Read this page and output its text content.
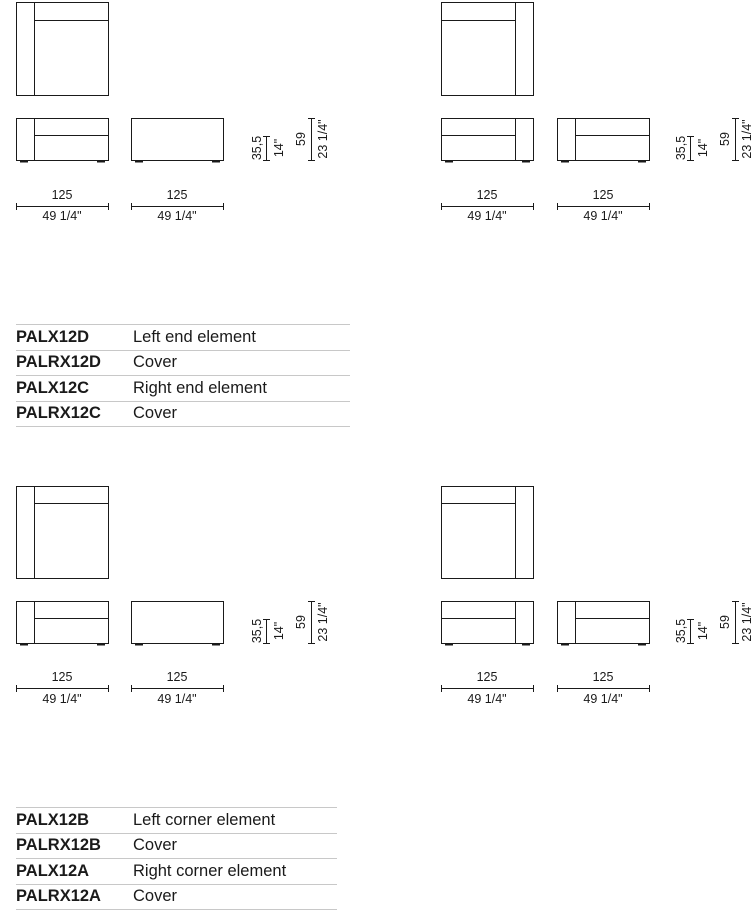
125
49 1/4"
125
49 1/4"
125
49 1/4"
125
49 1/4"
125
49 1/4"
125
49 1/4"
125
49 1/4"
125
49 1/4"
35,5 14" 59 23 1/4"	35,5 14" 59 23 1/4"
35,5 14" 59 23 1/4"	35,5 14" 59 23 1/4"
PALX12D	Left end element
PALRX12D	Cover
PALX12C	Right end element
PALRX12C	Cover
PALX12B	Left corner element
PALRX12B	Cover
PALX12A	Right corner element
PALRX12A	Cover
